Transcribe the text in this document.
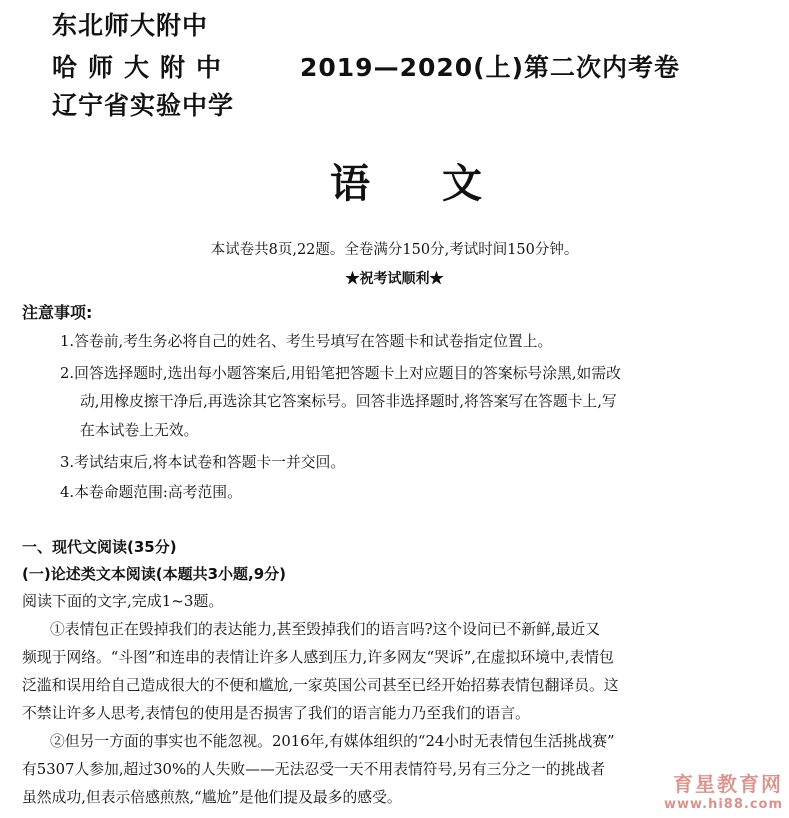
东北师大附中
哈师大附中	2019—2020(上)第二次内考卷
辽宁省实验中学
语文
本试卷共8页,22题。全卷满分150分,考试时间150分钟。
★祝考试顺利★
注意事项:
1.答卷前,考生务必将自己的姓名、考生号填写在答题卡和试卷指定位置上。
2.回答选择题时,选出每小题答案后,用铅笔把答题卡上对应题目的答案标号涂黑,如需改
动,用橡皮擦干净后,再选涂其它答案标号。回答非选择题时,将答案写在答题卡上,写
在本试卷上无效。
3.考试结束后,将本试卷和答题卡一并交回。
4.本卷命题范围:高考范围。
一、现代文阅读(35分)
(一)论述类文本阅读(本题共3小题,9分)
阅读下面的文字,完成1~3题。
①表情包正在毁掉我们的表达能力,甚至毁掉我们的语言吗?这个设问已不新鲜,最近又
频现于网络。“斗图”和连串的表情让许多人感到压力,许多网友“哭诉”,在虚拟环境中,表情包
泛滥和误用给自己造成很大的不便和尴尬,一家英国公司甚至已经开始招募表情包翻译员。这
不禁让许多人思考,表情包的使用是否损害了我们的语言能力乃至我们的语言。
②但另一方面的事实也不能忽视。2016年,有媒体组织的“24小时无表情包生活挑战赛”
有5307人参加,超过30%的人失败——无法忍受一天不用表情符号,另有三分之一的挑战者
虽然成功,但表示倍感煎熬,“尴尬”是他们提及最多的感受。
育星教育网
www.hi88.com
